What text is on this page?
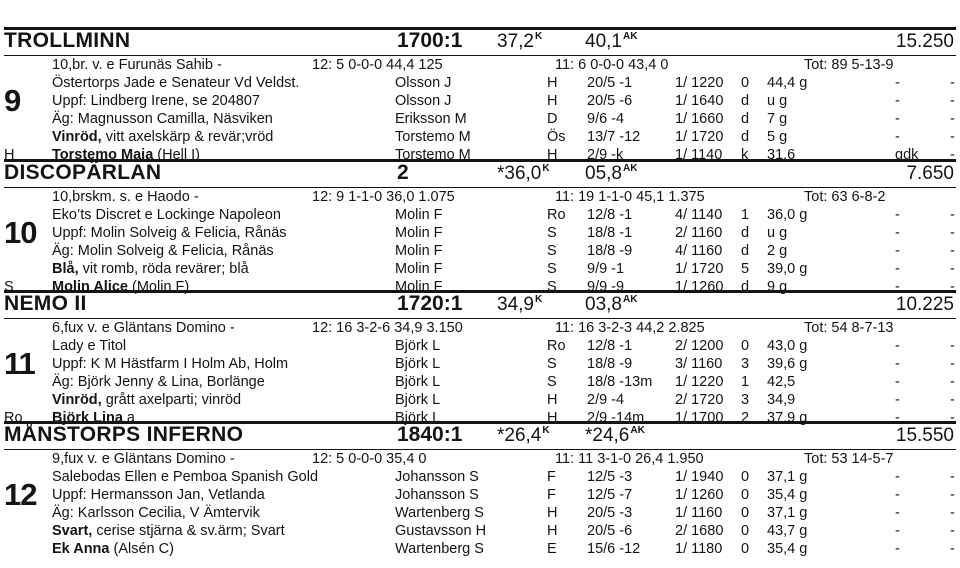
TROLLMINN	1700:1 $37,2^K$ $40,1^{AK}$	15.250
10,br. v. e Furunäs Sahib -	12: 5 0-0-0 44,4 125	11: 6 0-0-0 43,4 0	Tot: 89 5-13-9
9 Östertorps Jade e Senateur Vd Veldst.	Olsson J	H 20/5 -1	1/ 1220 0 44,4 g	-	-
Uppf: Lindberg Irene, se 204807	Olsson J	H 20/5 -6	1/ 1640 d u g	-	-
Äg: Magnusson Camilla, Näsviken	Eriksson M	D 9/6 -4	1/ 1660 d 7 g	-	-
Vinröd, vitt axelskärp & revär;vröd	Torstemo M	Ös 13/7 -12 1/ 1720 d 5 g	-	-
H	Torstemo Maja (Hell I)	Torstemo M	H 2/9 -k	1/ 1140 k 31,6	gdk -
DISCOPÄRLAN	2	$*36,0^K$ $05,8^{AK}$	7.650
10,brskm. s. e Haodo -	12: 9 1-1-0 36,0 1.075	11: 19 1-1-0 45,1 1.375	Tot: 63 6-8-2
10 Eko’ts Discret e Lockinge Napoleon	Molin F	Ro 12/8 -1	4/ 1140 1 36,0 g	-	-
Uppf: Molin Solveig & Felicia, Rånäs	Molin F	S 18/8 -1	2/ 1160 d u g	-	-
Äg: Molin Solveig & Felicia, Rånäs	Molin F	S 18/8 -9	4/ 1160 d 2 g	-	-
Blå, vit romb, röda revärer; blå	Molin F	S 9/9 -1	1/ 1720 5 39,0 g	-	-
S	Molin Alice (Molin F)	Molin F	S 9/9 -9	1/ 1260 d 9 g	-	-
NEMO II	1720:1 $34,9^K$ $03,8^{AK}$	10.225
6,fux v. e Gläntans Domino -	12: 16 3-2-6 34,9 3.150	11: 16 3-2-3 44,2 2.825	Tot: 54 8-7-13
11 Lady e Titol	Björk L	Ro 12/8 -1	2/ 1200 0 43,0 g	-	-
Uppf: K M Hästfarm I Holm Ab, Holm	Björk L	S 18/8 -9	3/ 1160 3 39,6 g	-	-
Äg: Björk Jenny & Lina, Borlänge	Björk L	S 18/8 -13m 1/ 1220 1 42,5	-	-
Vinröd, grått axelparti; vinröd	Björk L	H 2/9 -4	2/ 1720 3 34,9	-	-
Ro Björk Lina a	Björk L	H 2/9 -14m 1/ 1700 2 37,9 g	-	-
MÅNSTORPS INFERNO	1840:1 $*26,4^K$ $*24,6^{AK}$	15.550
9,fux v. e Gläntans Domino -	12: 5 0-0-0 35,4 0	11: 11 3-1-0 26,4 1.950	Tot: 53 14-5-7
12 Salebodas Ellen e Pemboa Spanish Gold	Johansson S	F 12/5 -3	1/ 1940 0 37,1 g	-	-
Uppf: Hermansson Jan, Vetlanda	Johansson S	F 12/5 -7	1/ 1260 0 35,4 g	-	-
Äg: Karlsson Cecilia, V Ämtervik	Wartenberg S	H 20/5 -3	1/ 1160 0 37,1 g	-	-
Svart, cerise stjärna & sv.ärm; Svart	Gustavsson H	H 20/5 -6	2/ 1680 0 43,7 g	-	-
Ek Anna (Alsén C)	Wartenberg S	E 15/6 -12 1/ 1180 0 35,4 g	-	-
